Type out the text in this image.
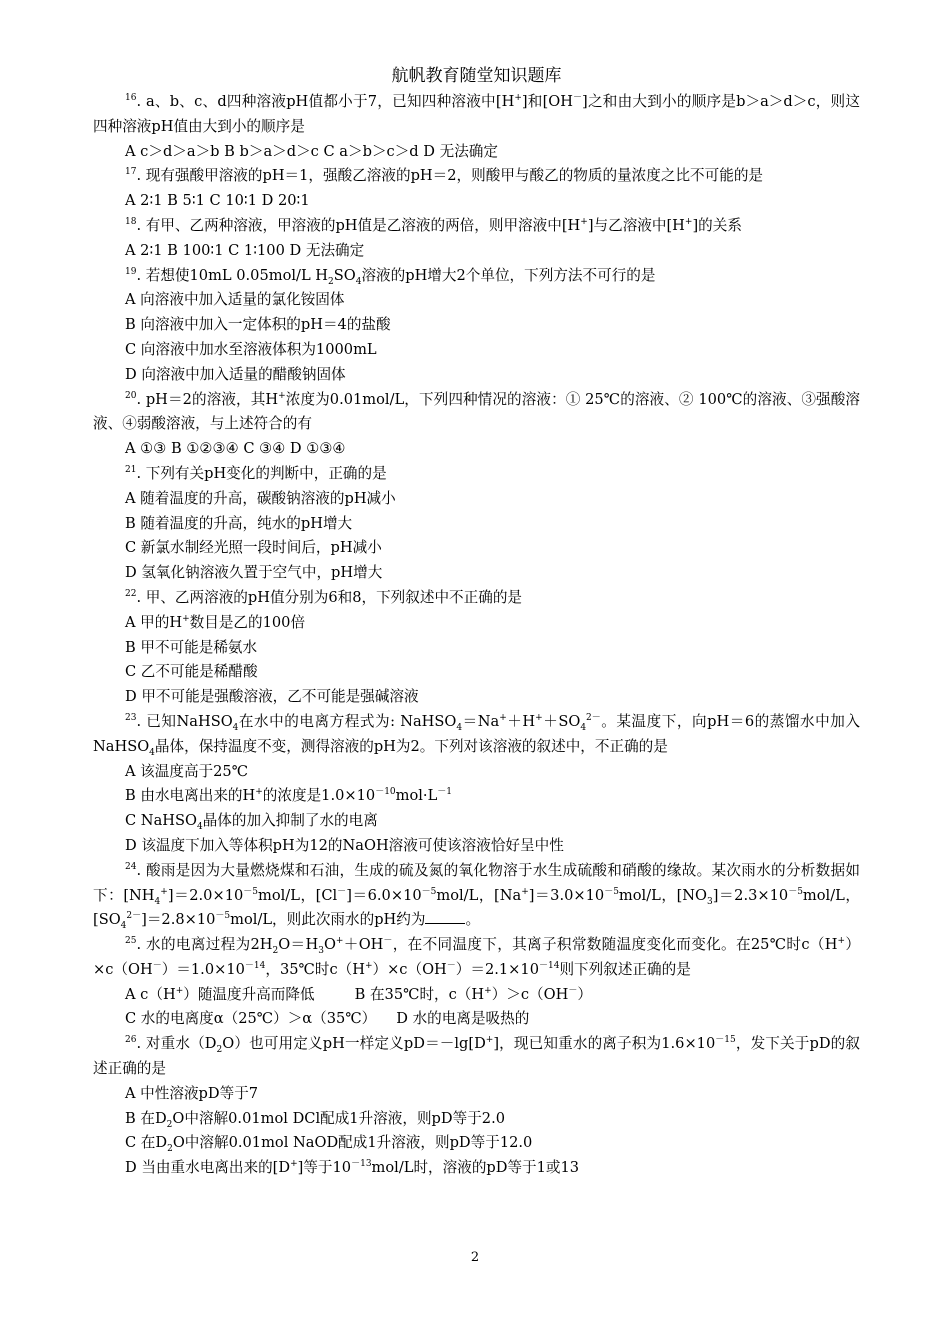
航帆教育随堂知识题库

$^{16}$. a、b、c、d四种溶液pH值都小于7，已知四种溶液中[H+]和[OH－]之和由大到小的顺序是b＞a＞d＞c，则这四种溶液pH值由大到小的顺序是

A c＞d＞a＞b B b＞a＞d＞c C a＞b＞c＞d D 无法确定

$^{17}$. 现有强酸甲溶液的pH＝1，强酸乙溶液的pH＝2，则酸甲与酸乙的物质的量浓度之比不可能的是

A 2∶1 B 5∶1 C 10∶1 D 20∶1

$^{18}$. 有甲、乙两种溶液，甲溶液的pH值是乙溶液的两倍，则甲溶液中[H+]与乙溶液中[H+]的关系

A 2∶1 B 100∶1 C 1∶100 D 无法确定

$^{19}$. 若想使10mL 0.05mol/L $H_2SO_4$溶液的pH增大2个单位，下列方法不可行的是

A 向溶液中加入适量的氯化铵固体

B 向溶液中加入一定体积的pH＝4的盐酸

C 向溶液中加水至溶液体积为1000mL

D 向溶液中加入适量的醋酸钠固体

$^{20}$. pH＝2的溶液，其H+浓度为0.01mol/L，下列四种情况的溶液：① 25℃的溶液、② 100℃的溶液、③强酸溶液、④弱酸溶液，与上述符合的有

A ①③ B ①②③④ C ③④ D ①③④

$^{21}$. 下列有关pH变化的判断中，正确的是

A 随着温度的升高，碳酸钠溶液的pH减小

B 随着温度的升高，纯水的pH增大

C 新氯水制经光照一段时间后，pH减小

D 氢氧化钠溶液久置于空气中，pH增大

$^{22}$. 甲、乙两溶液的pH值分别为6和8，下列叙述中不正确的是

A 甲的H+数目是乙的100倍

B 甲不可能是稀氨水

C 乙不可能是稀醋酸

D 甲不可能是强酸溶液，乙不可能是强碱溶液

$^{23}$. 已知NaHSO$_4$在水中的电离方程式为: $NaHSO_4=Na^++H^++SO_4^{2-}$。某温度下，向pH＝6的蒸馏水中加入NaHSO$_4$晶体，保持温度不变，测得溶液的pH为2。下列对该溶液的叙述中，不正确的是

A 该温度高于25℃

B 由水电离出来的H+的浓度是$1.0\times 10^{-10}mol\cdot L^{-1}$

C NaHSO$_4$晶体的加入抑制了水的电离

D 该温度下加入等体积pH为12的NaOH溶液可使该溶液恰好呈中性

$^{24}$. 酸雨是因为大量燃烧煤和石油，生成的硫及氮的氧化物溶于水生成硫酸和硝酸的缘故。某次雨水的分析数据如下：$[NH_4^+]=2.0\times 10^{-5}mol/L$，$[Cl^-]=6.0\times 10^{-5}mol/L$，$[Na^+]=3.0\times 10^{-5}mol/L$，$[NO_3]=2.3\times 10^{-5}mol/L$，$[SO_4^{2-}]=2.8\times 10^{-5}mol/L$，则此次雨水的pH约为	。

$^{25}$. 水的电离过程为$2H_2O=H_3O^++OH^-$，在不同温度下，其离子积常数随温度变化而变化。在25℃时$c(H^+)\times c(OH^-)=1.0\times 10^{-14}$，35℃时$c(H^+)\times c(OH^-)=2.1\times 10^{-14}$则下列叙述正确的是

A c（H+）随温度升高而降低	B 在35℃时，c（H+）＞c（OH－）

C 水的电离度α（25℃）＞α（35℃） D 水的电离是吸热的

$^{26}$. 对重水$(D_2O)$也可用定义pH一样定义pD＝－lg[D+]，现已知重水的离子积为$1.6\times 10^{-15}$，发下关于pD的叙述正确的是

A 中性溶液pD等于7

B 在$D_2O$中溶解0.01mol DCl配成1升溶液，则pD等于2.0

C 在$D_2O$中溶解0.01mol NaOD配成1升溶液，则pD等于12.0

D 当由重水电离出来的[D+]等于$10^{-13}mol/L$时，溶液的pD等于1或13

2
